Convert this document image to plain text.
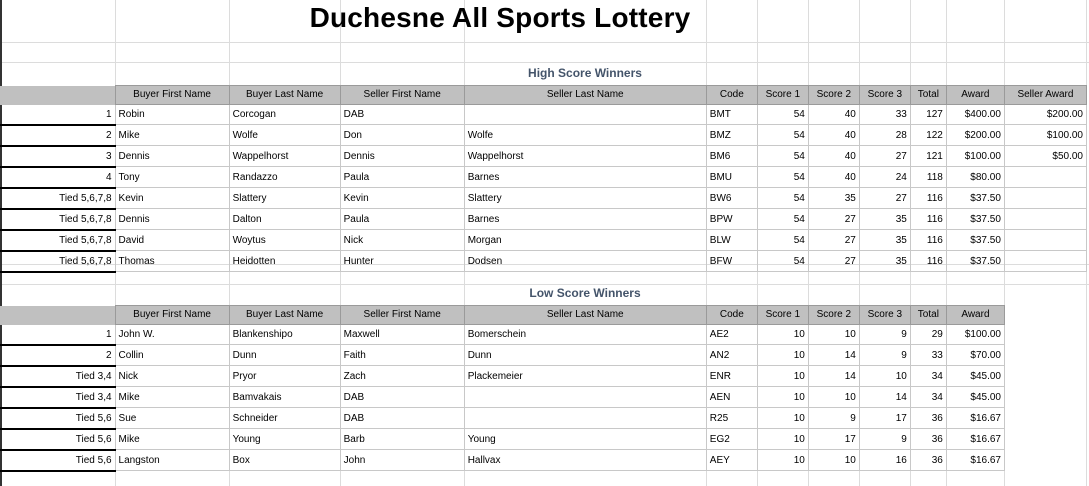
Duchesne All Sports Lottery
High Score Winners
	Buyer First Name	Buyer Last Name	Seller First Name	Seller Last Name	Code	Score 1	Score 2	Score 3	Total	Award	Seller Award
1	Robin	Corcogan	DAB		BMT	54	40	33	127	$400.00	$200.00
2	Mike	Wolfe	Don	Wolfe	BMZ	54	40	28	122	$200.00	$100.00
3	Dennis	Wappelhorst	Dennis	Wappelhorst	BM6	54	40	27	121	$100.00	$50.00
4	Tony	Randazzo	Paula	Barnes	BMU	54	40	24	118	$80.00	
Tied 5,6,7,8	Kevin	Slattery	Kevin	Slattery	BW6	54	35	27	116	$37.50	
Tied 5,6,7,8	Dennis	Dalton	Paula	Barnes	BPW	54	27	35	116	$37.50	
Tied 5,6,7,8	David	Woytus	Nick	Morgan	BLW	54	27	35	116	$37.50	
Tied 5,6,7,8	Thomas	Heidotten	Hunter	Dodsen	BFW	54	27	35	116	$37.50	
Low Score Winners
	Buyer First Name	Buyer Last Name	Seller First Name	Seller Last Name	Code	Score 1	Score 2	Score 3	Total	Award
1	John W.	Blankenshipo	Maxwell	Bomerschein	AE2	10	10	9	29	$100.00
2	Collin	Dunn	Faith	Dunn	AN2	10	14	9	33	$70.00
Tied 3,4	Nick	Pryor	Zach	Plackemeier	ENR	10	14	10	34	$45.00
Tied 3,4	Mike	Bamvakais	DAB		AEN	10	10	14	34	$45.00
Tied 5,6	Sue	Schneider	DAB		R25	10	9	17	36	$16.67
Tied 5,6	Mike	Young	Barb	Young	EG2	10	17	9	36	$16.67
Tied 5,6	Langston	Box	John	Hallvax	AEY	10	10	16	36	$16.67
